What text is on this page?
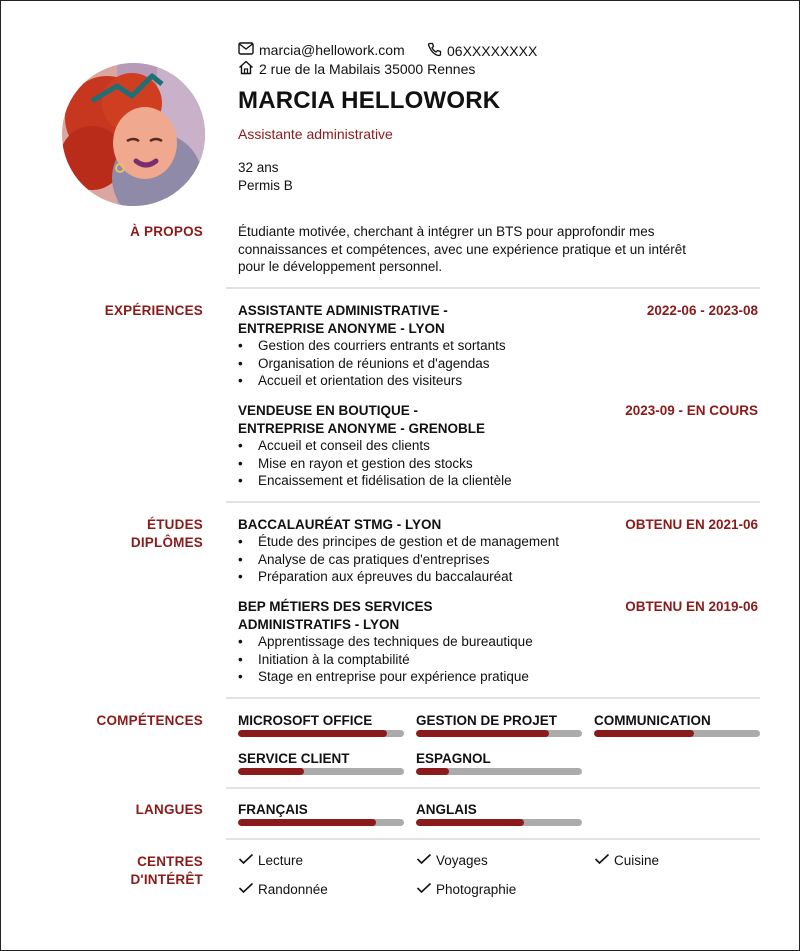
marcia@hellowork.com	06XXXXXXXX
2 rue de la Mabilais 35000 Rennes
MARCIA HELLOWORK
Assistante administrative
32 ans
Permis B
À PROPOS	Étudiante motivée, cherchant à intégrer un BTS pour approfondir mes
connaissances et compétences, avec une expérience pratique et un intérêt
pour le développement personnel.
EXPÉRIENCES	ASSISTANTE ADMINISTRATIVE -
ENTREPRISE ANONYME - LYON
2022-06 - 2023-08
• Gestion des courriers entrants et sortants
• Organisation de réunions et d'agendas
• Accueil et orientation des visiteurs
VENDEUSE EN BOUTIQUE -
ENTREPRISE ANONYME - GRENOBLE
2023-09 - EN COURS
• Accueil et conseil des clients
• Mise en rayon et gestion des stocks
• Encaissement et fidélisation de la clientèle
ÉTUDES
DIPLÔMES
BACCALAURÉAT STMG - LYON	OBTENU EN 2021-06
• Étude des principes de gestion et de management
• Analyse de cas pratiques d'entreprises
• Préparation aux épreuves du baccalauréat
BEP MÉTIERS DES SERVICES
ADMINISTRATIFS - LYON
OBTENU EN 2019-06
• Apprentissage des techniques de bureautique
• Initiation à la comptabilité
• Stage en entreprise pour expérience pratique
COMPÉTENCES	MICROSOFT OFFICE	GESTION DE PROJET	COMMUNICATION
SERVICE CLIENT	ESPAGNOL
LANGUES	FRANÇAIS	ANGLAIS
CENTRES
D'INTÉRÊT
Lecture	Voyages	Cuisine
Randonnée	Photographie
